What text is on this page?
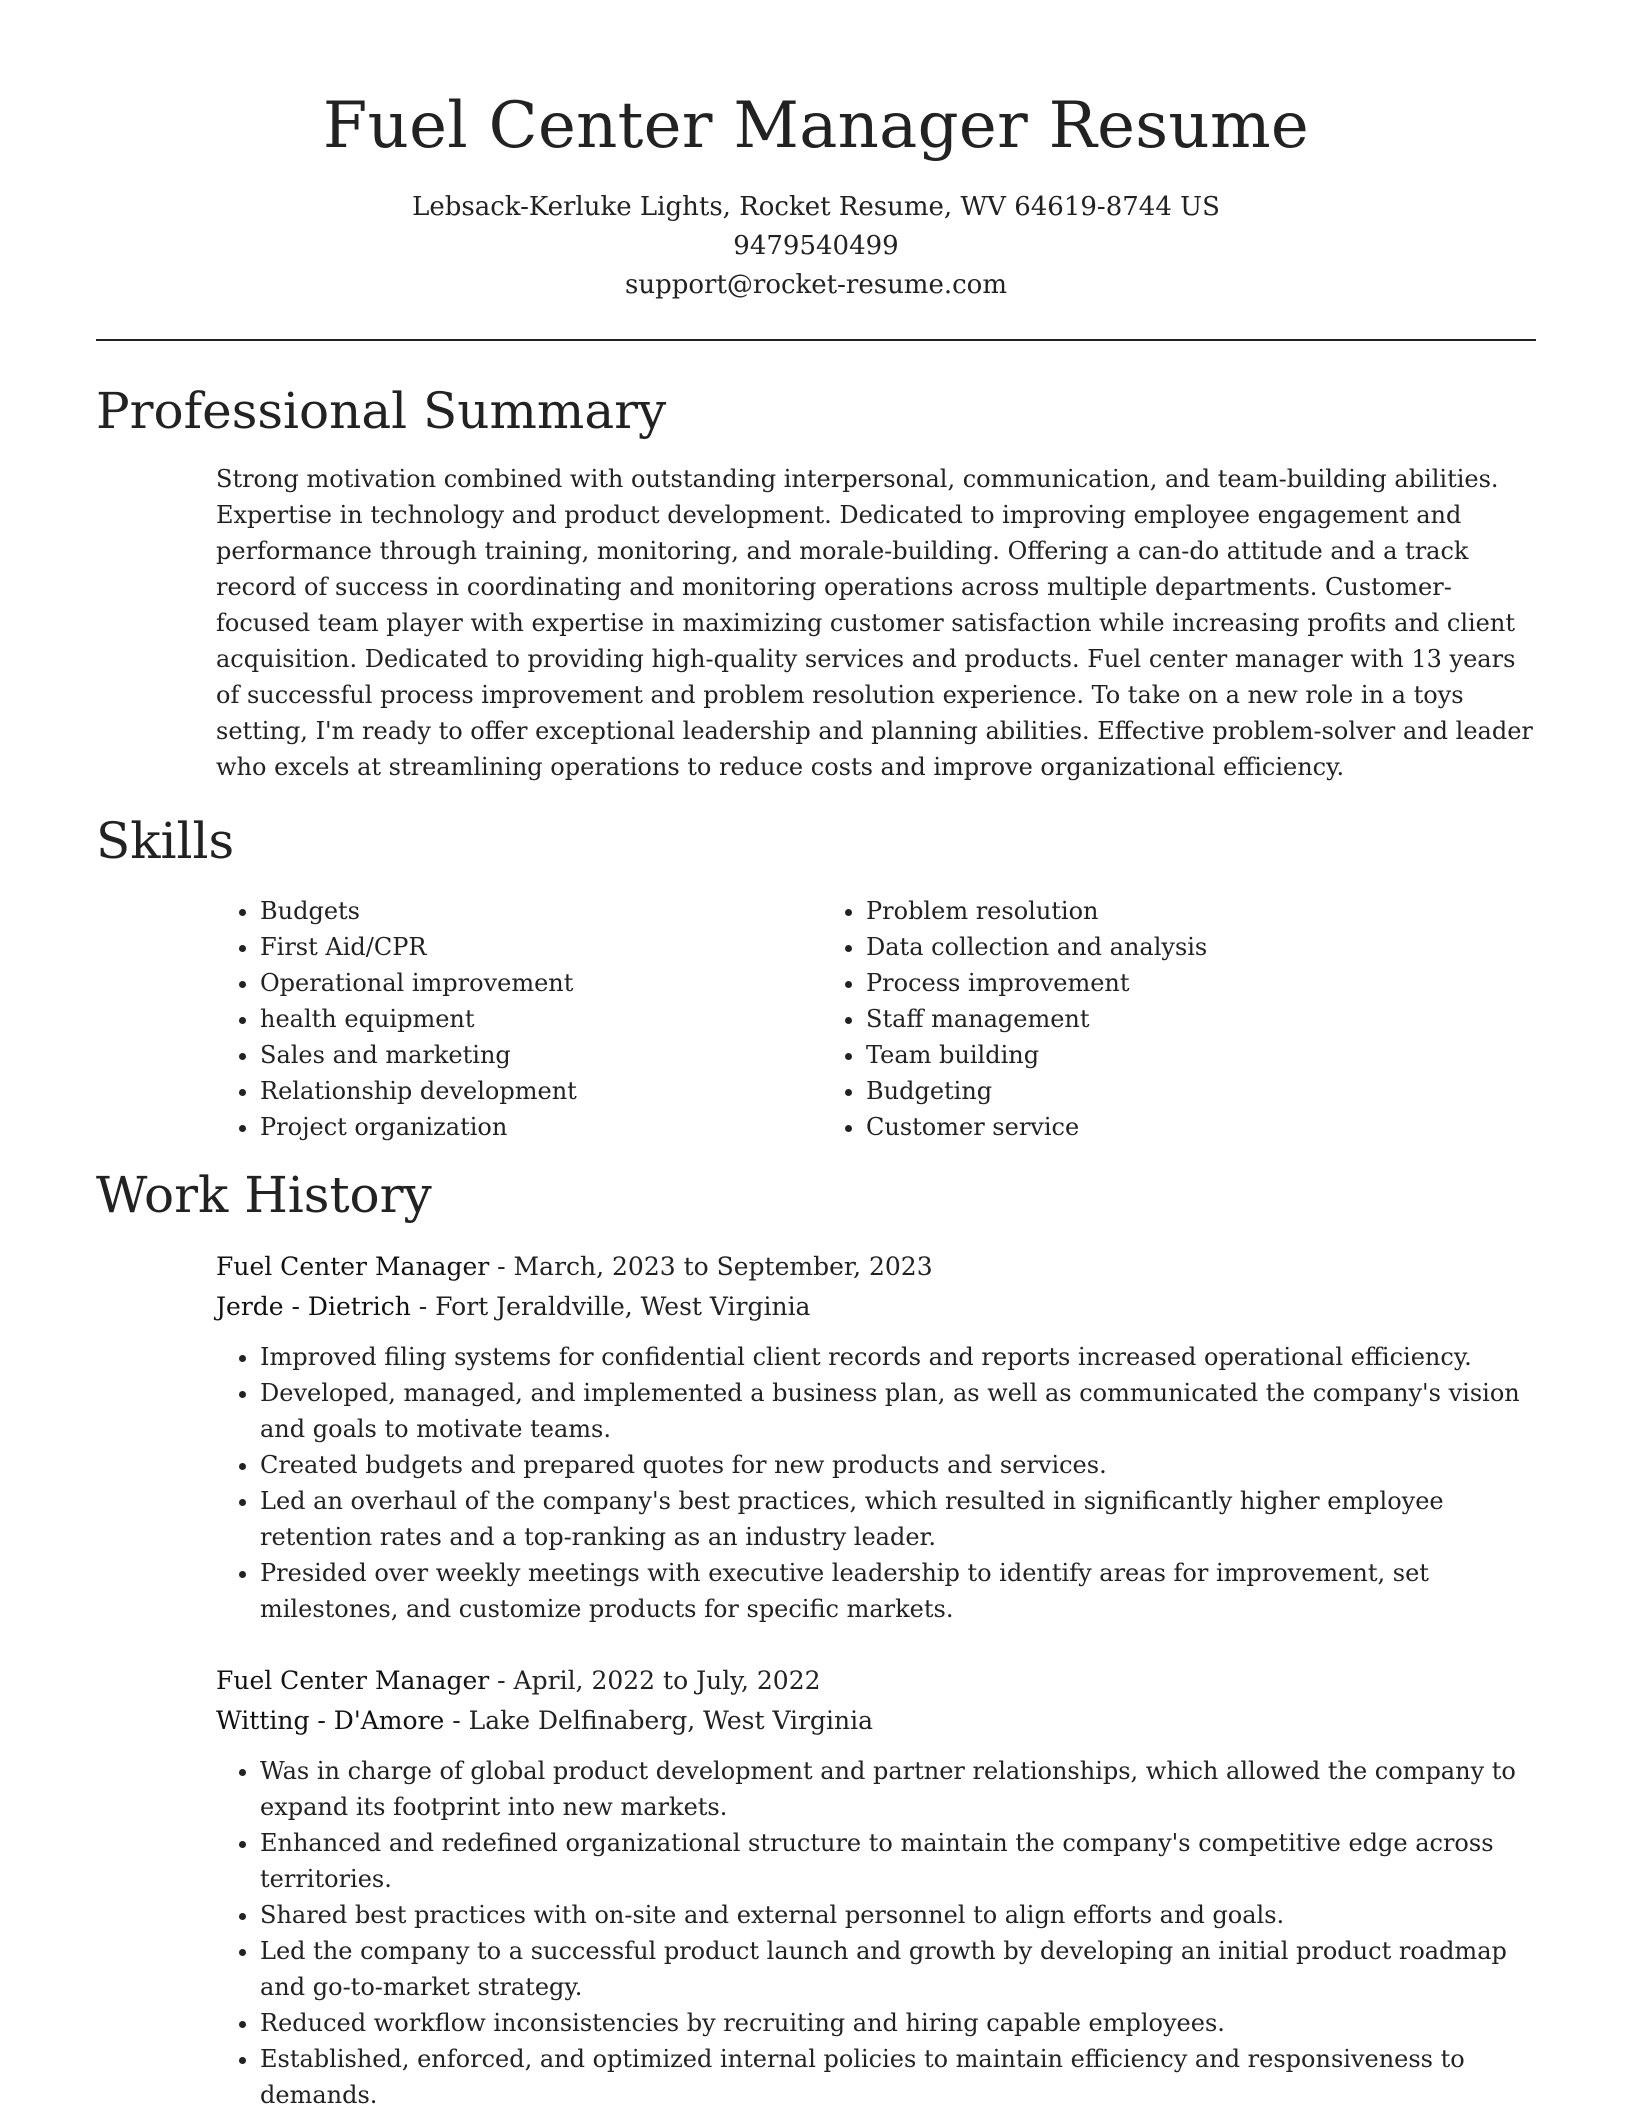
Fuel Center Manager Resume
Lebsack-Kerluke Lights, Rocket Resume, WV 64619-8744 US
9479540499
support@rocket-resume.com
Professional Summary

Strong motivation combined with outstanding interpersonal, communication, and team-building abilities. Expertise in technology and product development. Dedicated to improving employee engagement and performance through training, monitoring, and morale-building. Offering a can-do attitude and a track record of success in coordinating and monitoring operations across multiple departments. Customer-focused team player with expertise in maximizing customer satisfaction while increasing profits and client acquisition. Dedicated to providing high-quality services and products. Fuel center manager with 13 years of successful process improvement and problem resolution experience. To take on a new role in a toys setting, I'm ready to offer exceptional leadership and planning abilities. Effective problem-solver and leader who excels at streamlining operations to reduce costs and improve organizational efficiency.

Skills
• Budgets
• First Aid/CPR
• Operational improvement
• health equipment
• Sales and marketing
• Relationship development
• Project organization
• Problem resolution
• Data collection and analysis
• Process improvement
• Staff management
• Team building
• Budgeting
• Customer service
Work History
Fuel Center Manager - March, 2023 to September, 2023
Jerde - Dietrich - Fort Jeraldville, West Virginia
• Improved filing systems for confidential client records and reports increased operational efficiency.
• Developed, managed, and implemented a business plan, as well as communicated the company's vision and goals to motivate teams.
• Created budgets and prepared quotes for new products and services.
• Led an overhaul of the company's best practices, which resulted in significantly higher employee retention rates and a top-ranking as an industry leader.
• Presided over weekly meetings with executive leadership to identify areas for improvement, set milestones, and customize products for specific markets.
Fuel Center Manager - April, 2022 to July, 2022
Witting - D'Amore - Lake Delfinaberg, West Virginia
• Was in charge of global product development and partner relationships, which allowed the company to expand its footprint into new markets.
• Enhanced and redefined organizational structure to maintain the company's competitive edge across territories.
• Shared best practices with on-site and external personnel to align efforts and goals.
• Led the company to a successful product launch and growth by developing an initial product roadmap and go-to-market strategy.
• Reduced workflow inconsistencies by recruiting and hiring capable employees.
• Established, enforced, and optimized internal policies to maintain efficiency and responsiveness to demands.
